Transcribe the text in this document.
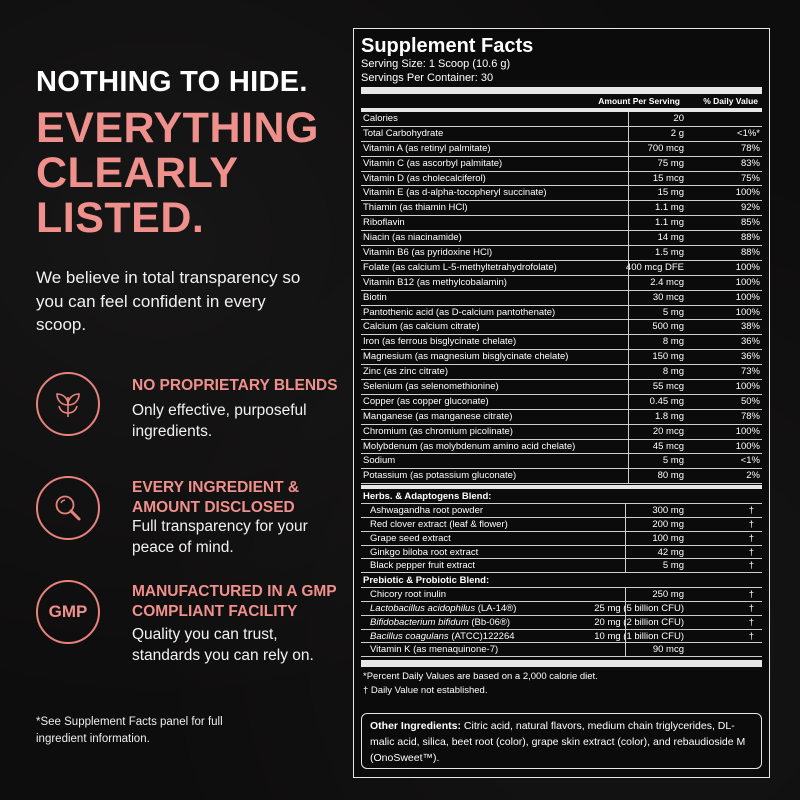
NOTHING TO HIDE.
EVERYTHING
CLEARLY
LISTED.
We believe in total transparency so you can feel confident in every scoop.
NO PROPRIETARY BLENDS
Only effective, purposeful ingredients.
EVERY INGREDIENT & AMOUNT DISCLOSED
Full transparency for your peace of mind.
GMP
MANUFACTURED IN A GMP COMPLIANT FACILITY
Quality you can trust, standards you can rely on.
*See Supplement Facts panel for full ingredient information.
Supplement Facts
Serving Size: 1 Scoop (10.6 g)
Servings Per Container: 30
Amount Per Serving	% Daily Value
Calories	20
Total Carbohydrate	2 g	<1%*
Vitamin A (as retinyl palmitate)	700 mcg	78%
Vitamin C (as ascorbyl palmitate)	75 mg	83%
Vitamin D (as cholecalciferol)	15 mcg	75%
Vitamin E (as d-alpha-tocopheryl succinate)	15 mg	100%
Thiamin (as thiamin HCl)	1.1 mg	92%
Riboflavin	1.1 mg	85%
Niacin (as niacinamide)	14 mg	88%
Vitamin B6 (as pyridoxine HCl)	1.5 mg	88%
Folate (as calcium L-5-methyltetrahydrofolate)	400 mcg DFE	100%
Vitamin B12 (as methylcobalamin)	2.4 mcg	100%
Biotin	30 mcg	100%
Pantothenic acid (as D-calcium pantothenate)	5 mg	100%
Calcium (as calcium citrate)	500 mg	38%
Iron (as ferrous bisglycinate chelate)	8 mg	36%
Magnesium (as magnesium bisglycinate chelate)	150 mg	36%
Zinc (as zinc citrate)	8 mg	73%
Selenium (as selenomethionine)	55 mcg	100%
Copper (as copper gluconate)	0.45 mg	50%
Manganese (as manganese citrate)	1.8 mg	78%
Chromium (as chromium picolinate)	20 mcg	100%
Molybdenum (as molybdenum amino acid chelate)	45 mcg	100%
Sodium	5 mg	<1%
Potassium (as potassium gluconate)	80 mg	2%
Herbs. & Adaptogens Blend:
Ashwagandha root powder	300 mg	†
Red clover extract (leaf & flower)	200 mg	†
Grape seed extract	100 mg	†
Ginkgo biloba root extract	42 mg	†
Black pepper fruit extract	5 mg	†
Prebiotic & Probiotic Blend:
Chicory root inulin	250 mg	†
Lactobacillus acidophilus (LA-14®)	25 mg (5 billion CFU)	†
Bifidobacterium bifidum (Bb-06®)	20 mg (2 billion CFU)	†
Bacillus coagulans (ATCC)122264	10 mg (1 billion CFU)	†
Vitamin K (as menaquinone-7)	90 mcg
*Percent Daily Values are based on a 2,000 calorie diet.
† Daily Value not established.
Other Ingredients: Citric acid, natural flavors, medium chain triglycerides, DL-malic acid, silica, beet root (color), grape skin extract (color), and rebaudioside M (OnoSweet™).
